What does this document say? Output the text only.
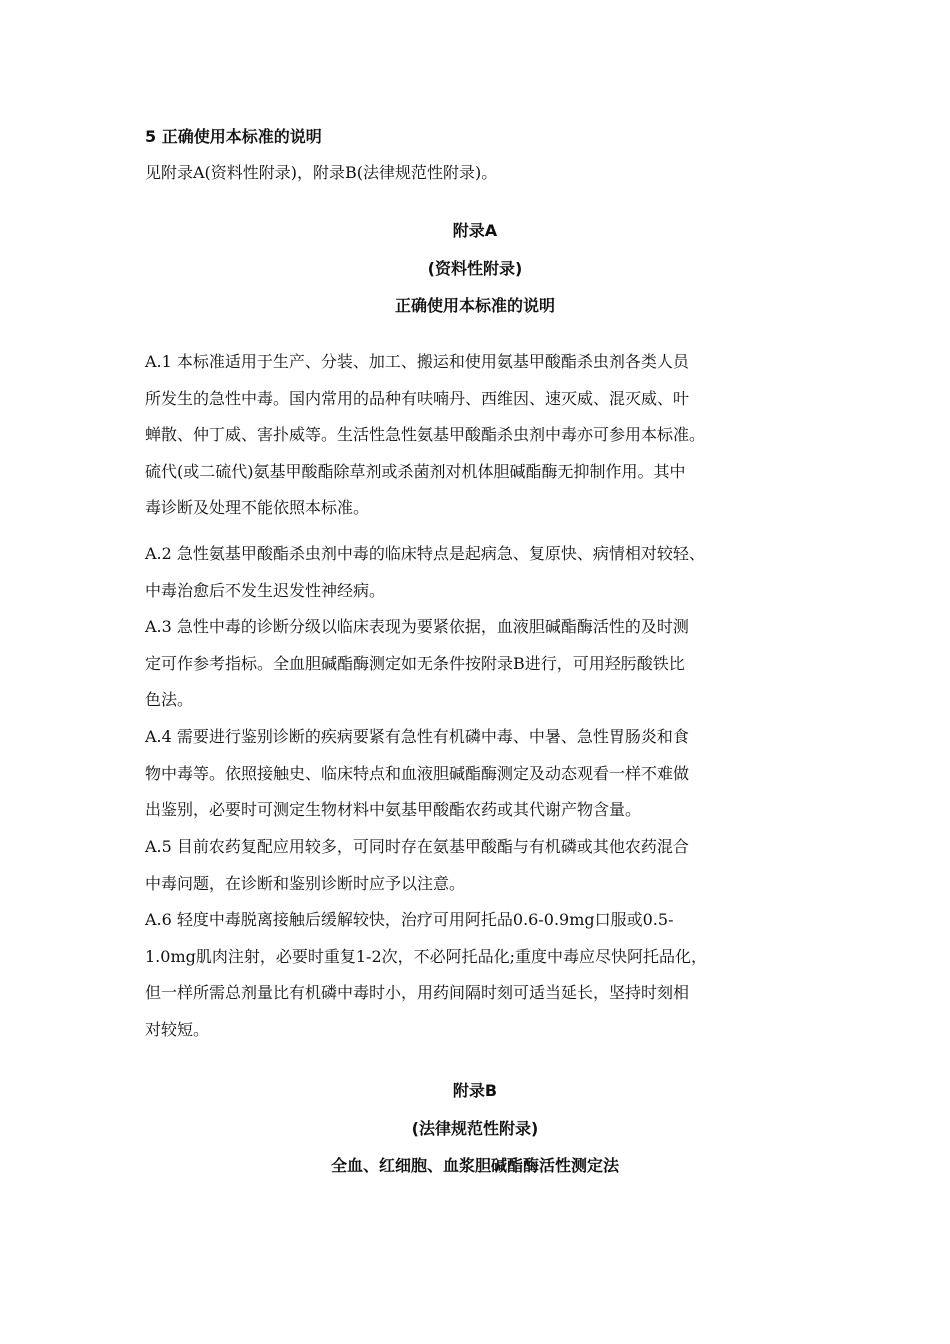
5 正确使用本标准的说明
见附录A(资料性附录)，附录B(法律规范性附录)。
附录A
(资料性附录)
正确使用本标准的说明
A.1 本标准适用于生产、分装、加工、搬运和使用氨基甲酸酯杀虫剂各类人员
所发生的急性中毒。国内常用的品种有呋喃丹、西维因、速灭威、混灭威、叶
蝉散、仲丁威、害扑威等。生活性急性氨基甲酸酯杀虫剂中毒亦可参用本标准。
硫代(或二硫代)氨基甲酸酯除草剂或杀菌剂对机体胆碱酯酶无抑制作用。其中
毒诊断及处理不能依照本标准。
A.2 急性氨基甲酸酯杀虫剂中毒的临床特点是起病急、复原快、病情相对较轻、
中毒治愈后不发生迟发性神经病。
A.3 急性中毒的诊断分级以临床表现为要紧依据，血液胆碱酯酶活性的及时测
定可作参考指标。全血胆碱酯酶测定如无条件按附录B进行，可用羟肟酸铁比
色法。
A.4 需要进行鉴别诊断的疾病要紧有急性有机磷中毒、中暑、急性胃肠炎和食
物中毒等。依照接触史、临床特点和血液胆碱酯酶测定及动态观看一样不难做
出鉴别，必要时可测定生物材料中氨基甲酸酯农药或其代谢产物含量。
A.5 目前农药复配应用较多，可同时存在氨基甲酸酯与有机磷或其他农药混合
中毒问题，在诊断和鉴别诊断时应予以注意。
A.6 轻度中毒脱离接触后缓解较快，治疗可用阿托品0.6-0.9mg口服或0.5-
1.0mg肌肉注射，必要时重复1-2次，不必阿托品化;重度中毒应尽快阿托品化，
但一样所需总剂量比有机磷中毒时小，用药间隔时刻可适当延长，坚持时刻相
对较短。
附录B
(法律规范性附录)
全血、红细胞、血浆胆碱酯酶活性测定法
